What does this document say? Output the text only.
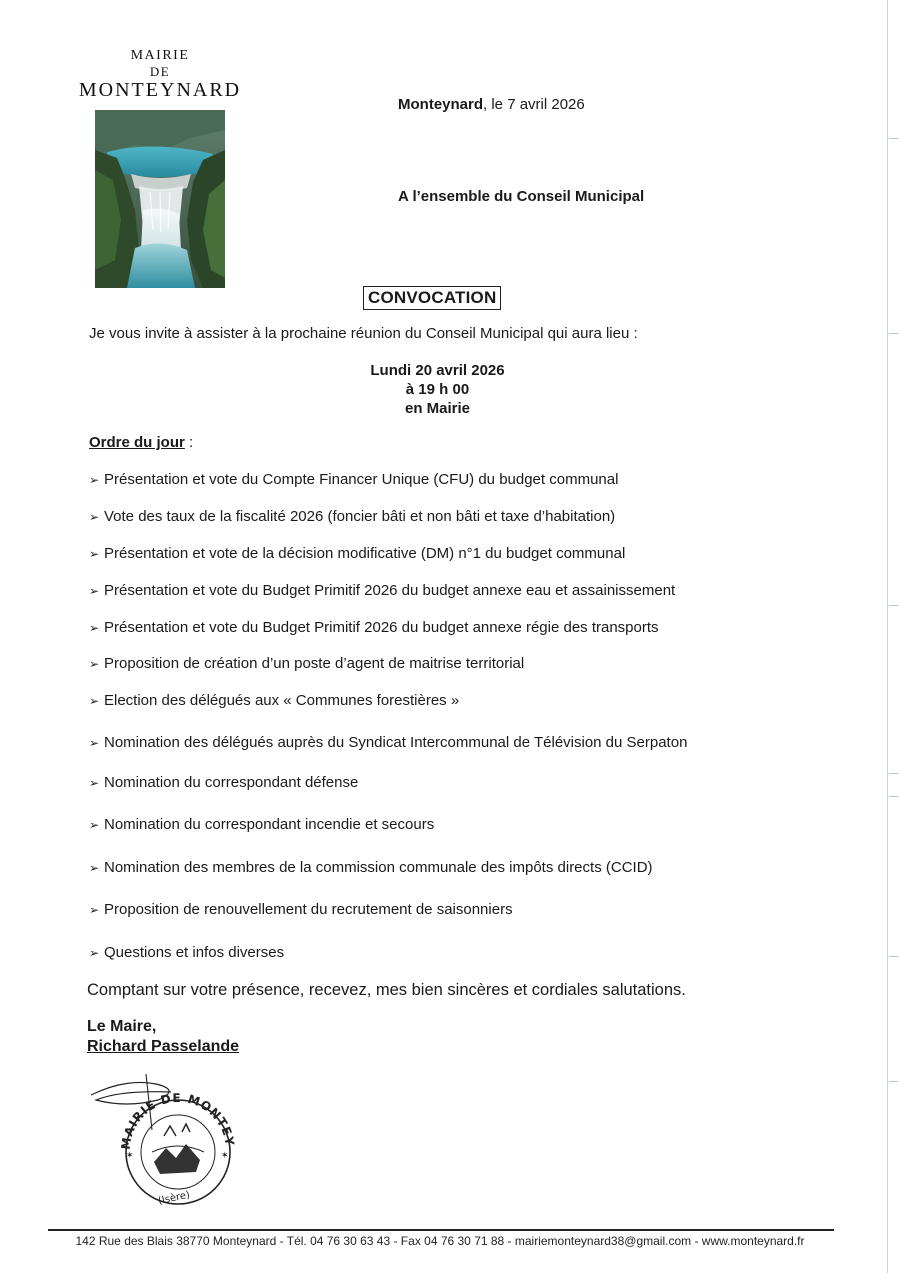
MAIRIE
DE
MONTEYNARD
Monteynard, le 7 avril 2026
A l’ensemble du Conseil Municipal
CONVOCATION
Je vous invite à assister à la prochaine réunion du Conseil Municipal qui aura lieu :
Lundi 20 avril 2026
à 19 h 00
en Mairie
Ordre du jour :
➢ Présentation et vote du Compte Financer Unique (CFU) du budget communal
➢ Vote des taux de la fiscalité 2026 (foncier bâti et non bâti et taxe d’habitation)
➢ Présentation et vote de la décision modificative (DM) n°1 du budget communal
➢ Présentation et vote du Budget Primitif 2026 du budget annexe eau et assainissement
➢ Présentation et vote du Budget Primitif 2026 du budget annexe régie des transports
➢ Proposition de création d’un poste d’agent de maitrise territorial
➢ Election des délégués aux « Communes forestières »
➢ Nomination des délégués auprès du Syndicat Intercommunal de Télévision du Serpaton
➢ Nomination du correspondant défense
➢ Nomination du correspondant incendie et secours
➢ Nomination des membres de la commission communale des impôts directs (CCID)
➢ Proposition de renouvellement du recrutement de saisonniers
➢ Questions et infos diverses
Comptant sur votre présence, recevez, mes bien sincères et cordiales salutations.
Le Maire,
Richard Passelande
MAIRIE DE MONTEY
(Isère)
✶	✶
142 Rue des Blais 38770 Monteynard - Tél. 04 76 30 63 43 - Fax 04 76 30 71 88 - mairiemonteynard38@gmail.com - www.monteynard.fr
